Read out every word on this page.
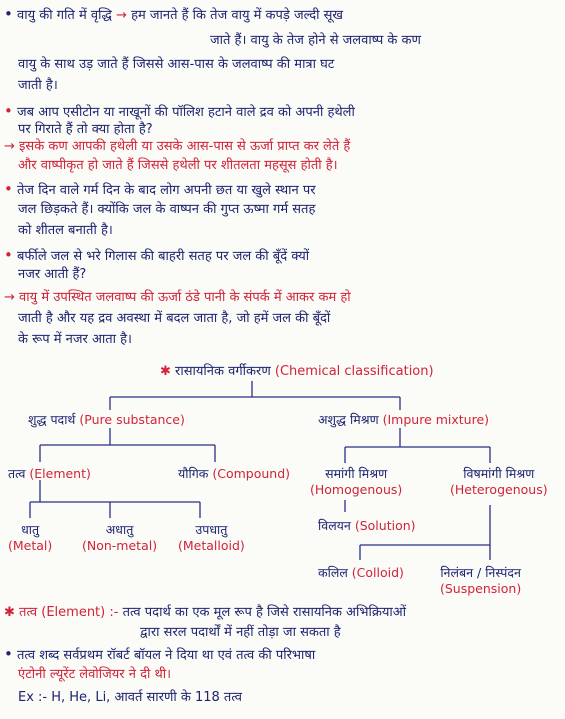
• वायु की गति में वृद्धि → हम जानते हैं कि तेज वायु में कपड़े जल्दी सूख
जाते हैं। वायु के तेज होने से जलवाष्प के कण
वायु के साथ उड़ जाते हैं जिससे आस-पास के जलवाष्प की मात्रा घट
जाती है।
• जब आप एसीटोन या नाखूनों की पॉलिश हटाने वाले द्रव को अपनी हथेली
पर गिराते हैं तो क्या होता है?
→ इसके कण आपकी हथेली या उसके आस-पास से ऊर्जा प्राप्त कर लेते हैं
और वाष्पीकृत हो जाते हैं जिससे हथेली पर शीतलता महसूस होती है।
• तेज दिन वाले गर्म दिन के बाद लोग अपनी छत या खुले स्थान पर
जल छिड़कते हैं। क्योंकि जल के वाष्पन की गुप्त ऊष्मा गर्म सतह
को शीतल बनाती है।
• बर्फीले जल से भरे गिलास की बाहरी सतह पर जल की बूँदें क्यों
नजर आती हैं?
→ वायु में उपस्थित जलवाष्प की ऊर्जा ठंडे पानी के संपर्क में आकर कम हो
जाती है और यह द्रव अवस्था में बदल जाता है, जो हमें जल की बूँदों
के रूप में नजर आता है।
✱ रासायनिक वर्गीकरण (Chemical classification)
शुद्ध पदार्थ (Pure substance)	अशुद्ध मिश्रण (Impure mixture)
तत्व (Element)	यौगिक (Compound)	समांगी मिश्रण
(Homogenous)
विषमांगी मिश्रण
(Heterogenous)
धातु
(Metal)
अधातु
(Non-metal)
उपधातु
(Metalloid)
विलयन (Solution)
कलिल (Colloid)	निलंबन / निस्पंदन
(Suspension)
✱ तत्व (Element) :- तत्व पदार्थ का एक मूल रूप है जिसे रासायनिक अभिक्रियाओं
द्वारा सरल पदार्थों में नहीं तोड़ा जा सकता है
• तत्व शब्द सर्वप्रथम रॉबर्ट बॉयल ने दिया था एवं तत्व की परिभाषा
एंटोनी ल्यूरेंट लेवोजियर ने दी थी।
Ex :- H, He, Li, आवर्त सारणी के 118 तत्व
